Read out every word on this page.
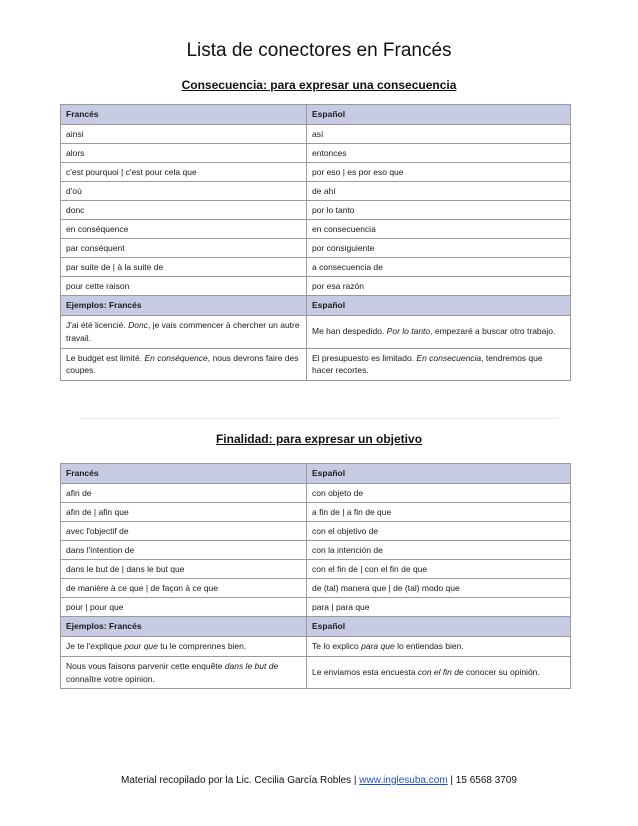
Lista de conectores en Francés
Consecuencia: para expresar una consecuencia
Francés	Español
ainsi	así
alors	entonces
c'est pourquoi | c'est pour cela que	por eso | es por eso que
d'où	de ahí
donc	por lo tanto
en conséquence	en consecuencia
par conséquent	por consiguiente
par suite de | à la suite de	a consecuencia de
pour cette raison	por esa razón
Ejemplos: Francés	Español
J'ai été licencié. Donc, je vais commencer à chercher un autre travail.	Me han despedido. Por lo tanto, empezaré a buscar otro trabajo.
Le budget est limité. En conséquence, nous devrons faire des coupes.	El presupuesto es limitado. En consecuencia, tendremos que hacer recortes.
Finalidad: para expresar un objetivo
Francés	Español
afin de	con objeto de
afin de | afin que	a fin de | a fin de que
avec l'objectif de	con el objetivo de
dans l'intention de	con la intención de
dans le but de | dans le but que	con el fin de | con el fin de que
de manière à ce que | de façon à ce que	de (tal) manera que | de (tal) modo que
pour | pour que	para | para que
Ejemplos: Francés	Español
Je te l'explique pour que tu le comprennes bien.	Te lo explico para que lo entiendas bien.
Nous vous faisons parvenir cette enquête dans le but de connaître votre opinion.	Le enviamos esta encuesta con el fin de conocer su opinión.
Material recopilado por la Lic. Cecilia García Robles | www.inglesuba.com | 15 6568 3709
